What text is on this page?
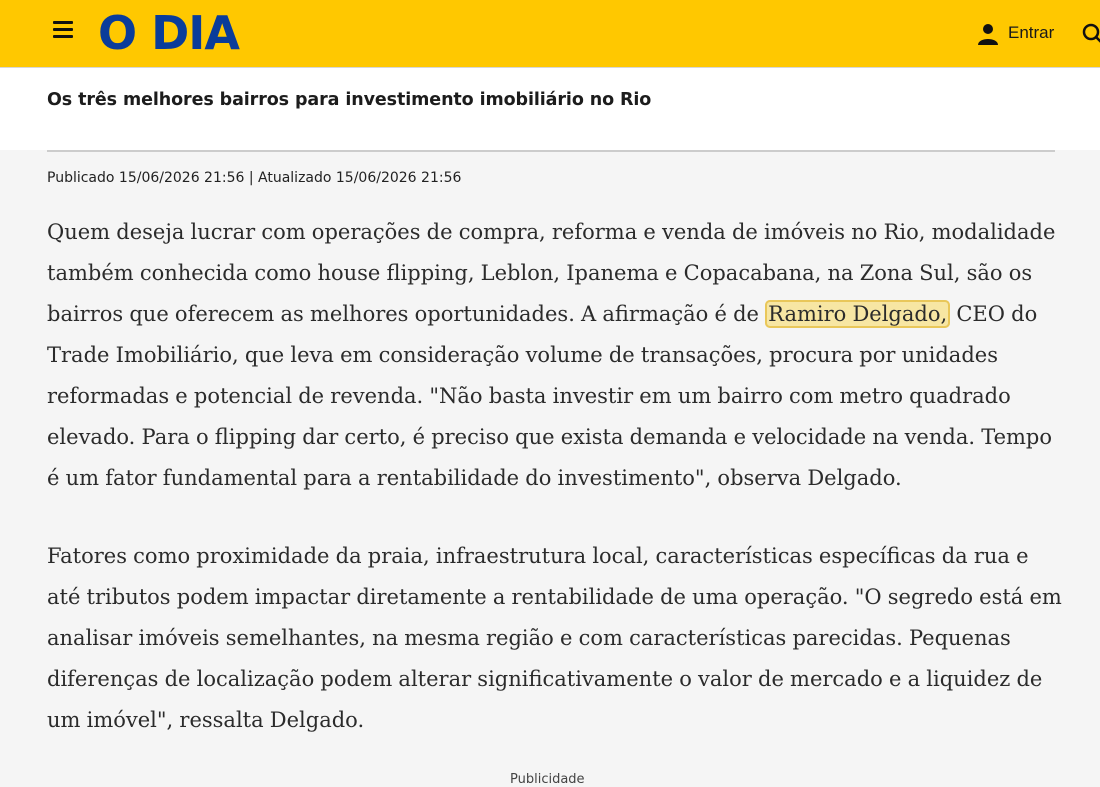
O DIA	Entrar
Os três melhores bairros para investimento imobiliário no Rio
Publicado 15/06/2026 21:56 | Atualizado 15/06/2026 21:56

Quem deseja lucrar com operações de compra, reforma e venda de imóveis no Rio, modalidade também conhecida como house flipping, Leblon, Ipanema e Copacabana, na Zona Sul, são os bairros que oferecem as melhores oportunidades. A afirmação é de Ramiro Delgado, CEO do Trade Imobiliário, que leva em consideração volume de transações, procura por unidades reformadas e potencial de revenda. "Não basta investir em um bairro com metro quadrado elevado. Para o flipping dar certo, é preciso que exista demanda e velocidade na venda. Tempo é um fator fundamental para a rentabilidade do investimento", observa Delgado.

Fatores como proximidade da praia, infraestrutura local, características específicas da rua e até tributos podem impactar diretamente a rentabilidade de uma operação. "O segredo está em analisar imóveis semelhantes, na mesma região e com características parecidas. Pequenas diferenças de localização podem alterar significativamente o valor de mercado e a liquidez de um imóvel", ressalta Delgado.

Publicidade
